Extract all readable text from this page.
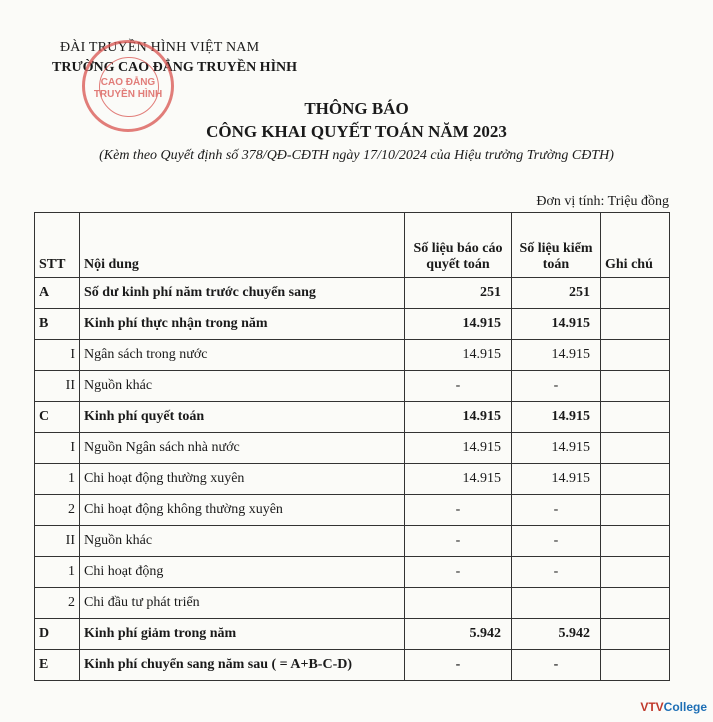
ĐÀI TRUYỀN HÌNH VIỆT NAM
TRƯỜNG CAO ĐẲNG TRUYỀN HÌNH
CAO ĐẲNG
TRUYỀN HÌNH
THÔNG BÁO
CÔNG KHAI QUYẾT TOÁN NĂM 2023
(Kèm theo Quyết định số 378/QĐ-CĐTH ngày 17/10/2024 của Hiệu trưởng Trường CĐTH)
Đơn vị tính: Triệu đồng
STT	Nội dung	Số liệu báo cáo quyết toán	Số liệu kiểm toán	Ghi chú
A	Số dư kinh phí năm trước chuyển sang	251	251	
B	Kinh phí thực nhận trong năm	14.915	14.915	
I	Ngân sách trong nước	14.915	14.915	
II	Nguồn khác	-	-	
C	Kinh phí quyết toán	14.915	14.915	
I	Nguồn Ngân sách nhà nước	14.915	14.915	
1	Chi hoạt động thường xuyên	14.915	14.915	
2	Chi hoạt động không thường xuyên	-	-	
II	Nguồn khác	-	-	
1	Chi hoạt động	-	-	
2	Chi đầu tư phát triển			
D	Kinh phí giảm trong năm	5.942	5.942	
E	Kinh phí chuyển sang năm sau ( = A+B-C-D)	-	-	
VTVCollege
